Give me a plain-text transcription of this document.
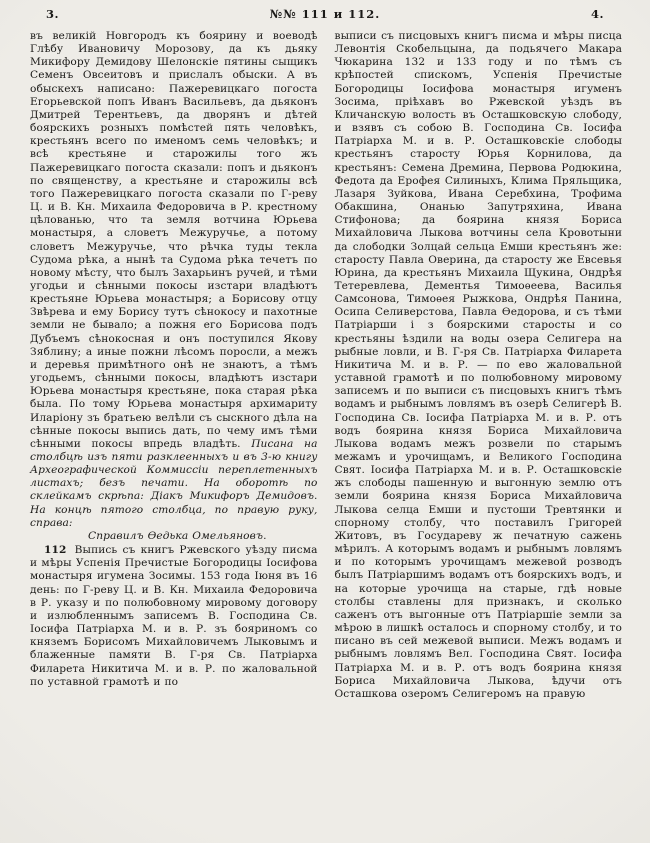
3.	№№ 111 и 112.	4.

въ великій Новгородъ къ боярину и воеводѣ Глѣбу Ивановичу Морозову, да къ дьяку Микифору Демидову Шелонскіе пятины сыщикъ Семенъ Овсеитовъ и прислалъ обыски. А въ обыскехъ написано: Пажеревицкаго погоста Егорьевской попъ Иванъ Васильевъ, да дьяконъ Дмитрей Терентьевъ, да дворянъ и дѣтей боярскихъ розныхъ помѣстей пять человѣкъ, крестьянъ всего по именомъ семь человѣкъ; и всѣ крестьяне и старожилы того жъ Пажеревицкаго погоста сказали: попъ и дьяконъ по священству, а крестьяне и старожилы всѣ того Пажеревицкаго погоста сказали по Г-реву Ц. и В. Кн. Михаила Федоровича в Р. крестному цѣлованью, что та земля вотчина Юрьева монастыря, а словетъ Межуручье, а потому словетъ Межуручье, что рѣчка туды текла Судома рѣка, а нынѣ та Судома рѣка течетъ по новому мѣсту, что былъ Захарьинъ ручей, и тѣми угодьи и сѣнными покосы изстари владѣютъ крестьяне Юрьева монастыря; а Борисову отцу Звѣрева и ему Борису тутъ сѣнокосу и пахотные земли не бывало; а пожня его Борисова подъ Дубъемъ сѣнокосная и онъ поступился Якову Зяблину; а иные пожни лѣсомъ поросли, а межъ и деревья примѣтного онѣ не знаютъ, а тѣмъ угодьемъ, сѣнными покосы, владѣютъ изстари Юрьева монастыря крестьяне, пока старая рѣка была. По тому Юрьева монастыря архимариту Иларіону зъ братьею велѣли съ сыскного дѣла на сѣнные покосы выпись дать, по чему имъ тѣми сѣнными покосы впредь владѣть. Писана на столбцѣ изъ пяти разклеенныхъ и въ 3-ю книгу Археографической Коммиссіи переплетенныхъ листахъ; безъ печати. На оборотѣ по склейкамъ скрѣпа: Діакъ Микифоръ Демидовъ. На концѣ пятого столбца, по правую руку, справа:

Справилъ Ѳедька Омельяновъ.

112 Выпись съ книгъ Ржевского уѣзду писма и мѣры Успенія Пречистые Богородицы Іосифова монастыря игумена Зосимы. 153 года Іюня въ 16 день: по Г-реву Ц. и В. Кн. Михаила Федоровича в Р. указу и по полюбовному мировому договору и излюбленнымъ записемъ В. Господина Св. Іосифа Патріарха М. и в. Р. зъ бояриномъ со княземъ Борисомъ Михайловичемъ Лыковымъ и блаженные памяти В. Г-ря Св. Патріарха Филарета Никитича М. и в. Р. по жаловальной по уставной грамотѣ и по

выписи съ писцовыхъ книгъ писма и мѣры писца Левонтія Скобельцына, да подьячего Макара Чюкарина 132 и 133 году и по тѣмъ съ крѣпостей спискомъ, Успенія Пречистые Богородицы Іосифова монастыря игуменъ Зосима, пріѣхавъ во Ржевской уѣздъ въ Кличанскую волость въ Осташковскую слободу, и взявъ съ собою В. Господина Св. Іосифа Патріарха М. и в. Р. Осташковскіе слободы крестьянъ старосту Юрья Корнилова, да крестьянъ: Семена Дремина, Первова Родюкина, Федота да Ерофея Силиныхъ, Клима Пряльщика, Лазаря Зуйкова, Ивана Серебхина, Трофима Обакшина, Онанью Запутряхина, Ивана Стифонова; да боярина князя Бориса Михайловича Лыкова вотчины села Кровотыни да слободки Золцай сельца Емши крестьянъ же: старосту Павла Оверина, да старосту же Евсевья Юрина, да крестьянъ Михаила Щукина, Ондрѣя Тетеревлева, Дементья Тимоѳеева, Василья Самсонова, Тимоѳея Рыжкова, Ондрѣя Панина, Осипа Селиверстова, Павла Ѳедорова, и съ тѣми Патріарши і з боярскими старосты и со крестьяны ѣздили на воды озера Селигера на рыбные ловли, и В. Г-ря Св. Патріарха Филарета Никитича М. и в. Р. — по ево жаловальной уставной грамотѣ и по полюбовному мировому записемъ и по выписи съ писцовыхъ книгъ тѣмъ водамъ и рыбнымъ ловлямъ въ озерѣ Селигерѣ В. Господина Св. Іосифа Патріарха М. и в. Р. отъ водъ боярина князя Бориса Михайловича Лыкова водамъ межъ розвели по старымъ межамъ и урочищамъ, и Великого Господина Свят. Іосифа Патріарха М. и в. Р. Осташковскіе жъ слободы пашенную и выгонную землю отъ земли боярина князя Бориса Михайловича Лыкова селца Емши и пустоши Тревтянки и спорному столбу, что поставилъ Григорей Житовъ, въ Государеву ж печатную сажень мѣрилъ. А которымъ водамъ и рыбнымъ ловлямъ и по которымъ урочищамъ межевой розводъ былъ Патріаршимъ водамъ отъ боярскихъ водъ, и на которые урочища на старые, гдѣ новые столбы ставлены для признакъ, и сколько саженъ отъ выгонные отъ Патріаршіе земли за мѣрою в лишкѣ осталось и спорному столбу, и то писано въ сей межевой выписи. Межъ водамъ и рыбнымъ ловлямъ Вел. Господина Свят. Іосифа Патріарха М. и в. Р. отъ водъ боярина князя Бориса Михайловича Лыкова, ѣдучи отъ Осташкова озеромъ Селигеромъ на правую
